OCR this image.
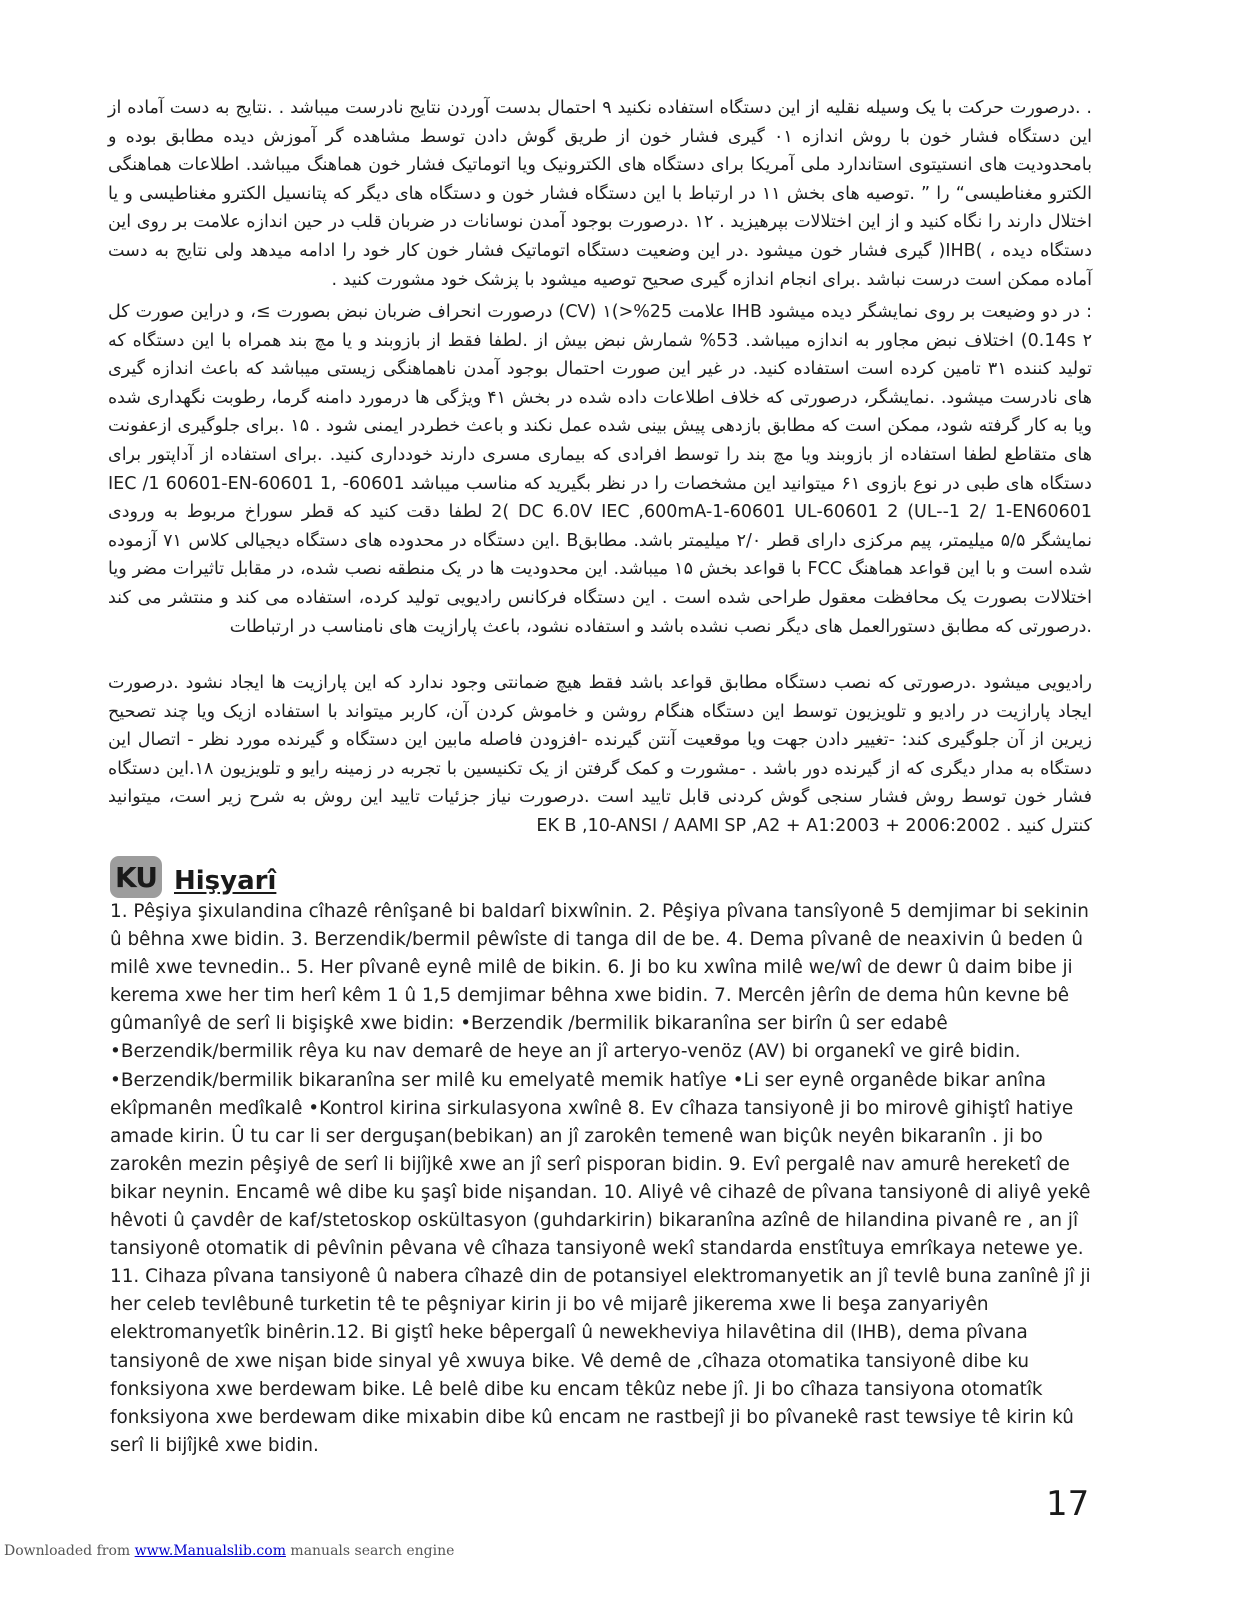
. .درصورت حرکت با یک وسیله نقلیه از این دستگاه استفاده نکنید ۹ احتمال بدست آوردن نتایج نادرست میباشد . .نتایج به دست آماده از این دستگاه فشار خون با روش اندازه ۰۱ گیری فشار خون از طریق گوش دادن توسط مشاهده گر آموزش دیده مطابق بوده و بامحدودیت های انستیتوی استاندارد ملی آمریکا برای دستگاه های الکترونیک ویا اتوماتیک فشار خون هماهنگ میباشد. اطلاعات هماهنگی الکترو مغناطیسی“ را ” .توصیه های بخش ۱۱ در ارتباط با این دستگاه فشار خون و دستگاه های دیگر که پتانسیل الکترو مغناطیسی و یا اختلال دارند را نگاه کنید و از این اختلالات بپرهیزید . ۱۲ .درصورت بوجود آمدن نوسانات در ضربان قلب در حین اندازه علامت بر روی این دستگاه دیده ، )IHB( گیری فشار خون میشود .در این وضعیت دستگاه اتوماتیک فشار خون کار خود را ادامه میدهد ولی نتایج به دست آماده ممکن است درست نباشد .برای انجام اندازه گیری صحیح توصیه میشود با پزشک خود مشورت کنید .

: در دو وضیعت بر روی نمایشگر دیده میشود IHB علامت 25%<)۱ (CV) درصورت انحراف ضربان نبض بصورت ≥، و دراین صورت کل ۲ 0.14s) اختلاف نبض مجاور به اندازه میباشد. 53% شمارش نبض بیش از .لطفا فقط از بازوبند و یا مچ بند همراه با این دستگاه که تولید کننده ۳۱ تامین کرده است استفاده کنید. در غیر این صورت احتمال بوجود آمدن ناهماهنگی زیستی میباشد که باعث اندازه گیری های نادرست میشود. .نمایشگر، درصورتی که خلاف اطلاعات داده شده در بخش ۴۱ ویژگی ها درمورد دامنه گرما، رطوبت نگهداری شده ویا به کار گرفته شود، ممکن است که مطابق بازدهی پیش بینی شده عمل نکند و باعث خطردر ایمنی شود . ۱۵ .برای جلوگیری ازعفونت های متقاطع لطفا استفاده از بازوبند ویا مچ بند را توسط افرادی که بیماری مسری دارند خودداری کنید. .برای استفاده از آداپتور برای دستگاه های طبی در نوع بازوی ۶۱ میتوانید این مشخصات را در نظر بگیرید که مناسب میباشد 60601- ,1 60601-IEC /1 60601-EN 2( DC 6.0V IEC ,600mA-1-60601 UL-60601 2 (UL--1 2/ 1-EN60601 لطفا دقت کنید که قطر سوراخ مربوط به ورودی نمایشگر ۵/۵ میلیمتر، پیم مرکزی دارای قطر ۲/۰ میلیمتر باشد. مطابقB .این دستگاه در محدوده های دستگاه دیجیالی کلاس ۷۱ آزموده شده است و با این قواعد هماهنگ FCC با قواعد بخش ۱۵ میباشد. این محدودیت ها در یک منطقه نصب شده، در مقابل تاثیرات مضر ویا اختلالات بصورت یک محافظت معقول طراحی شده است . این دستگاه فرکانس رادیویی تولید کرده، استفاده می کند و منتشر می کند .درصورتی که مطابق دستورالعمل های دیگر نصب نشده باشد و استفاده نشود، باعث پارازیت های نامناسب در ارتباطات

رادیویی میشود .درصورتی که نصب دستگاه مطابق قواعد باشد فقط هیچ ضمانتی وجود ندارد که این پارازیت ها ایجاد نشود .درصورت ایجاد پارازیت در رادیو و تلویزیون توسط این دستگاه هنگام روشن و خاموش کردن آن، کاربر میتواند با استفاده ازیک ویا چند تصحیح زیرین از آن جلوگیری کند: -تغییر دادن جهت ویا موقعیت آنتن گیرنده -افزودن فاصله مابین این دستگاه و گیرنده مورد نظر - اتصال این دستگاه به مدار دیگری که از گیرنده دور باشد . -مشورت و کمک گرفتن از یک تکنیسین با تجربه در زمینه رایو و تلویزیون ۱۸.این دستگاه فشار خون توسط روش فشار سنجی گوش کردنی قابل تایید است .درصورت نیاز جزئیات تایید این روش به شرح زیر است، میتوانید کنترل کنید . EK B ,10-ANSI / AAMI SP ,A2 + A1:2003 + 2006:2002

KU Hişyarî

1. Pêşiya şixulandina cîhazê rênîşanê bi baldarî bixwînin. 2. Pêşiya pîvana tansîyonê 5 demjimar bi sekinin û bêhna xwe bidin. 3. Berzendik/bermil pêwîste di tanga dil de be. 4. Dema pîvanê de neaxivin û beden û milê xwe tevnedin.. 5. Her pîvanê eynê milê de bikin. 6. Ji bo ku xwîna milê we/wî de dewr û daim bibe ji kerema xwe her tim herî kêm 1 û 1,5 demjimar bêhna xwe bidin. 7. Mercên jêrîn de dema hûn kevne bê gûmanîyê de serî li bişişkê xwe bidin: •Berzendik /bermilik bikaranîna ser birîn û ser edabê •Berzendik/bermilik rêya ku nav demarê de heye an jî arteryo-venöz (AV) bi organekî ve girê bidin. •Berzendik/bermilik bikaranîna ser milê ku emelyatê memik hatîye •Li ser eynê organêde bikar anîna ekîpmanên medîkalê •Kontrol kirina sirkulasyona xwînê 8. Ev cîhaza tansiyonê ji bo mirovê gihiştî hatiye amade kirin. Û tu car li ser derguşan(bebikan) an jî zarokên temenê wan biçûk neyên bikaranîn . ji bo zarokên mezin pêşiyê de serî li bijîjkê xwe an jî serî pisporan bidin. 9. Evî pergalê nav amurê hereketî de bikar neynin. Encamê wê dibe ku şaşî bide nişandan. 10. Aliyê vê cihazê de pîvana tansiyonê di aliyê yekê hêvoti û çavdêr de kaf/stetoskop oskültasyon (guhdarkirin) bikaranîna azînê de hilandina pivanê re , an jî tansiyonê otomatik di pêvînin pêvana vê cîhaza tansiyonê wekî standarda enstîtuya emrîkaya netewe ye. 11. Cihaza pîvana tansiyonê û nabera cîhazê din de potansiyel elektromanyetik an jî tevlê buna zanînê jî ji her celeb tevlêbunê turketin tê te pêşniyar kirin ji bo vê mijarê jikerema xwe li beşa zanyariyên elektromanyetîk binêrin.12. Bi giştî heke bêpergalî û newekheviya hilavêtina dil (IHB), dema pîvana tansiyonê de xwe nişan bide sinyal yê xwuya bike. Vê demê de ,cîhaza otomatika tansiyonê dibe ku fonksiyona xwe berdewam bike. Lê belê dibe ku encam têkûz nebe jî. Ji bo cîhaza tansiyona otomatîk fonksiyona xwe berdewam dike mixabin dibe kû encam ne rastbejî ji bo pîvanekê rast tewsiye tê kirin kû serî li bijîjkê xwe bidin.

17
Downloaded from www.Manualslib.com manuals search engine
